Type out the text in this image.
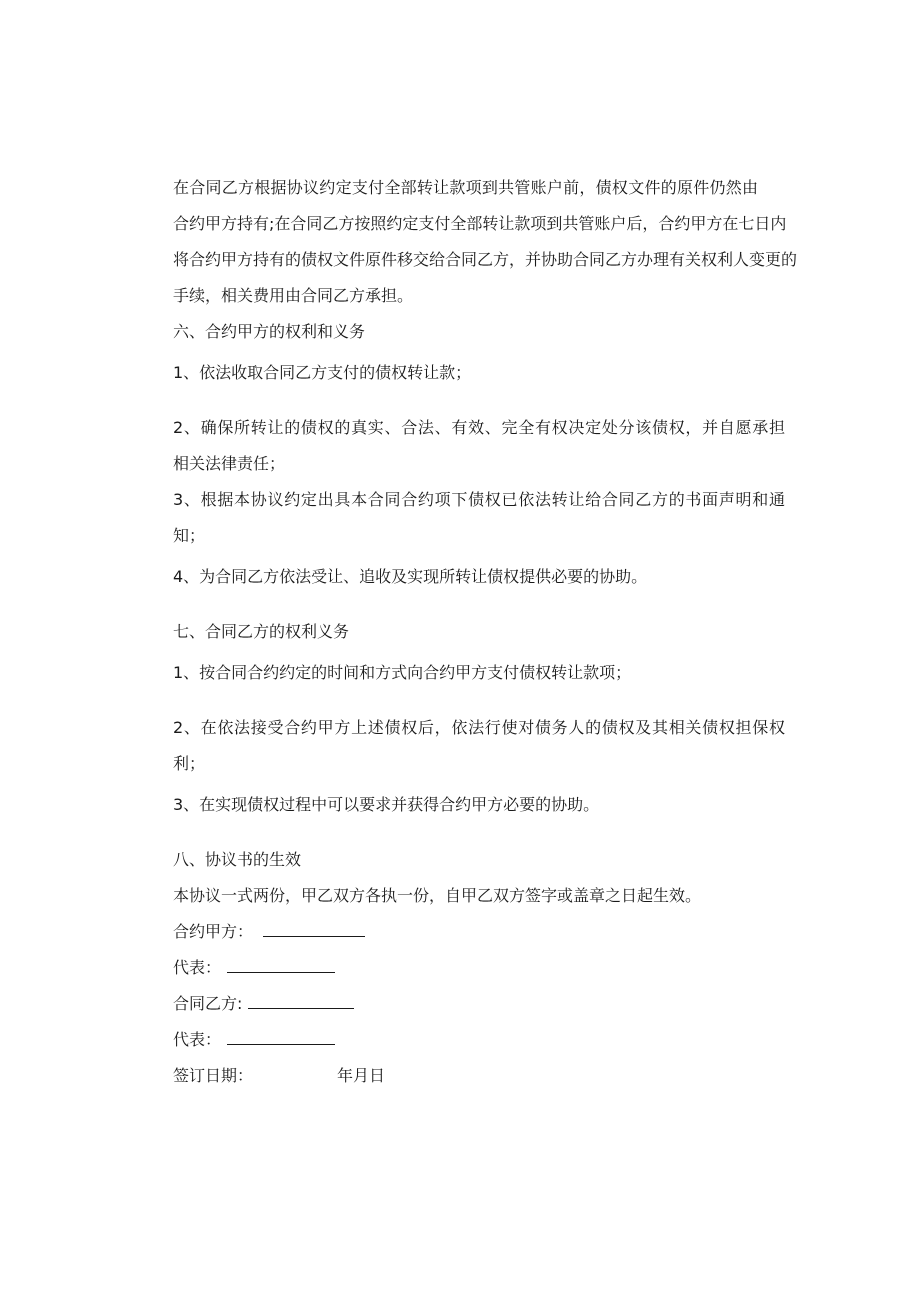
在合同乙方根据协议约定支付全部转让款项到共管账户前，债权文件的原件仍然由

合约甲方持有;在合同乙方按照约定支付全部转让款项到共管账户后，合约甲方在七日内

将合约甲方持有的债权文件原件移交给合同乙方，并协助合同乙方办理有关权利人变更的

手续，相关费用由合同乙方承担。

六、合约甲方的权利和义务

1、依法收取合同乙方支付的债权转让款；

2、确保所转让的债权的真实、合法、有效、完全有权决定处分该债权，并自愿承担

相关法律责任；

3、根据本协议约定出具本合同合约项下债权已依法转让给合同乙方的书面声明和通

知；

4、为合同乙方依法受让、追收及实现所转让债权提供必要的协助。

七、合同乙方的权利义务

1、按合同合约约定的时间和方式向合约甲方支付债权转让款项；

2、在依法接受合约甲方上述债权后，依法行使对债务人的债权及其相关债权担保权

利；

3、在实现债权过程中可以要求并获得合约甲方必要的协助。

八、协议书的生效

本协议一式两份，甲乙双方各执一份，自甲乙双方签字或盖章之日起生效。

合约甲方：

代表：

合同乙方:

代表：

签订日期：	年月日
